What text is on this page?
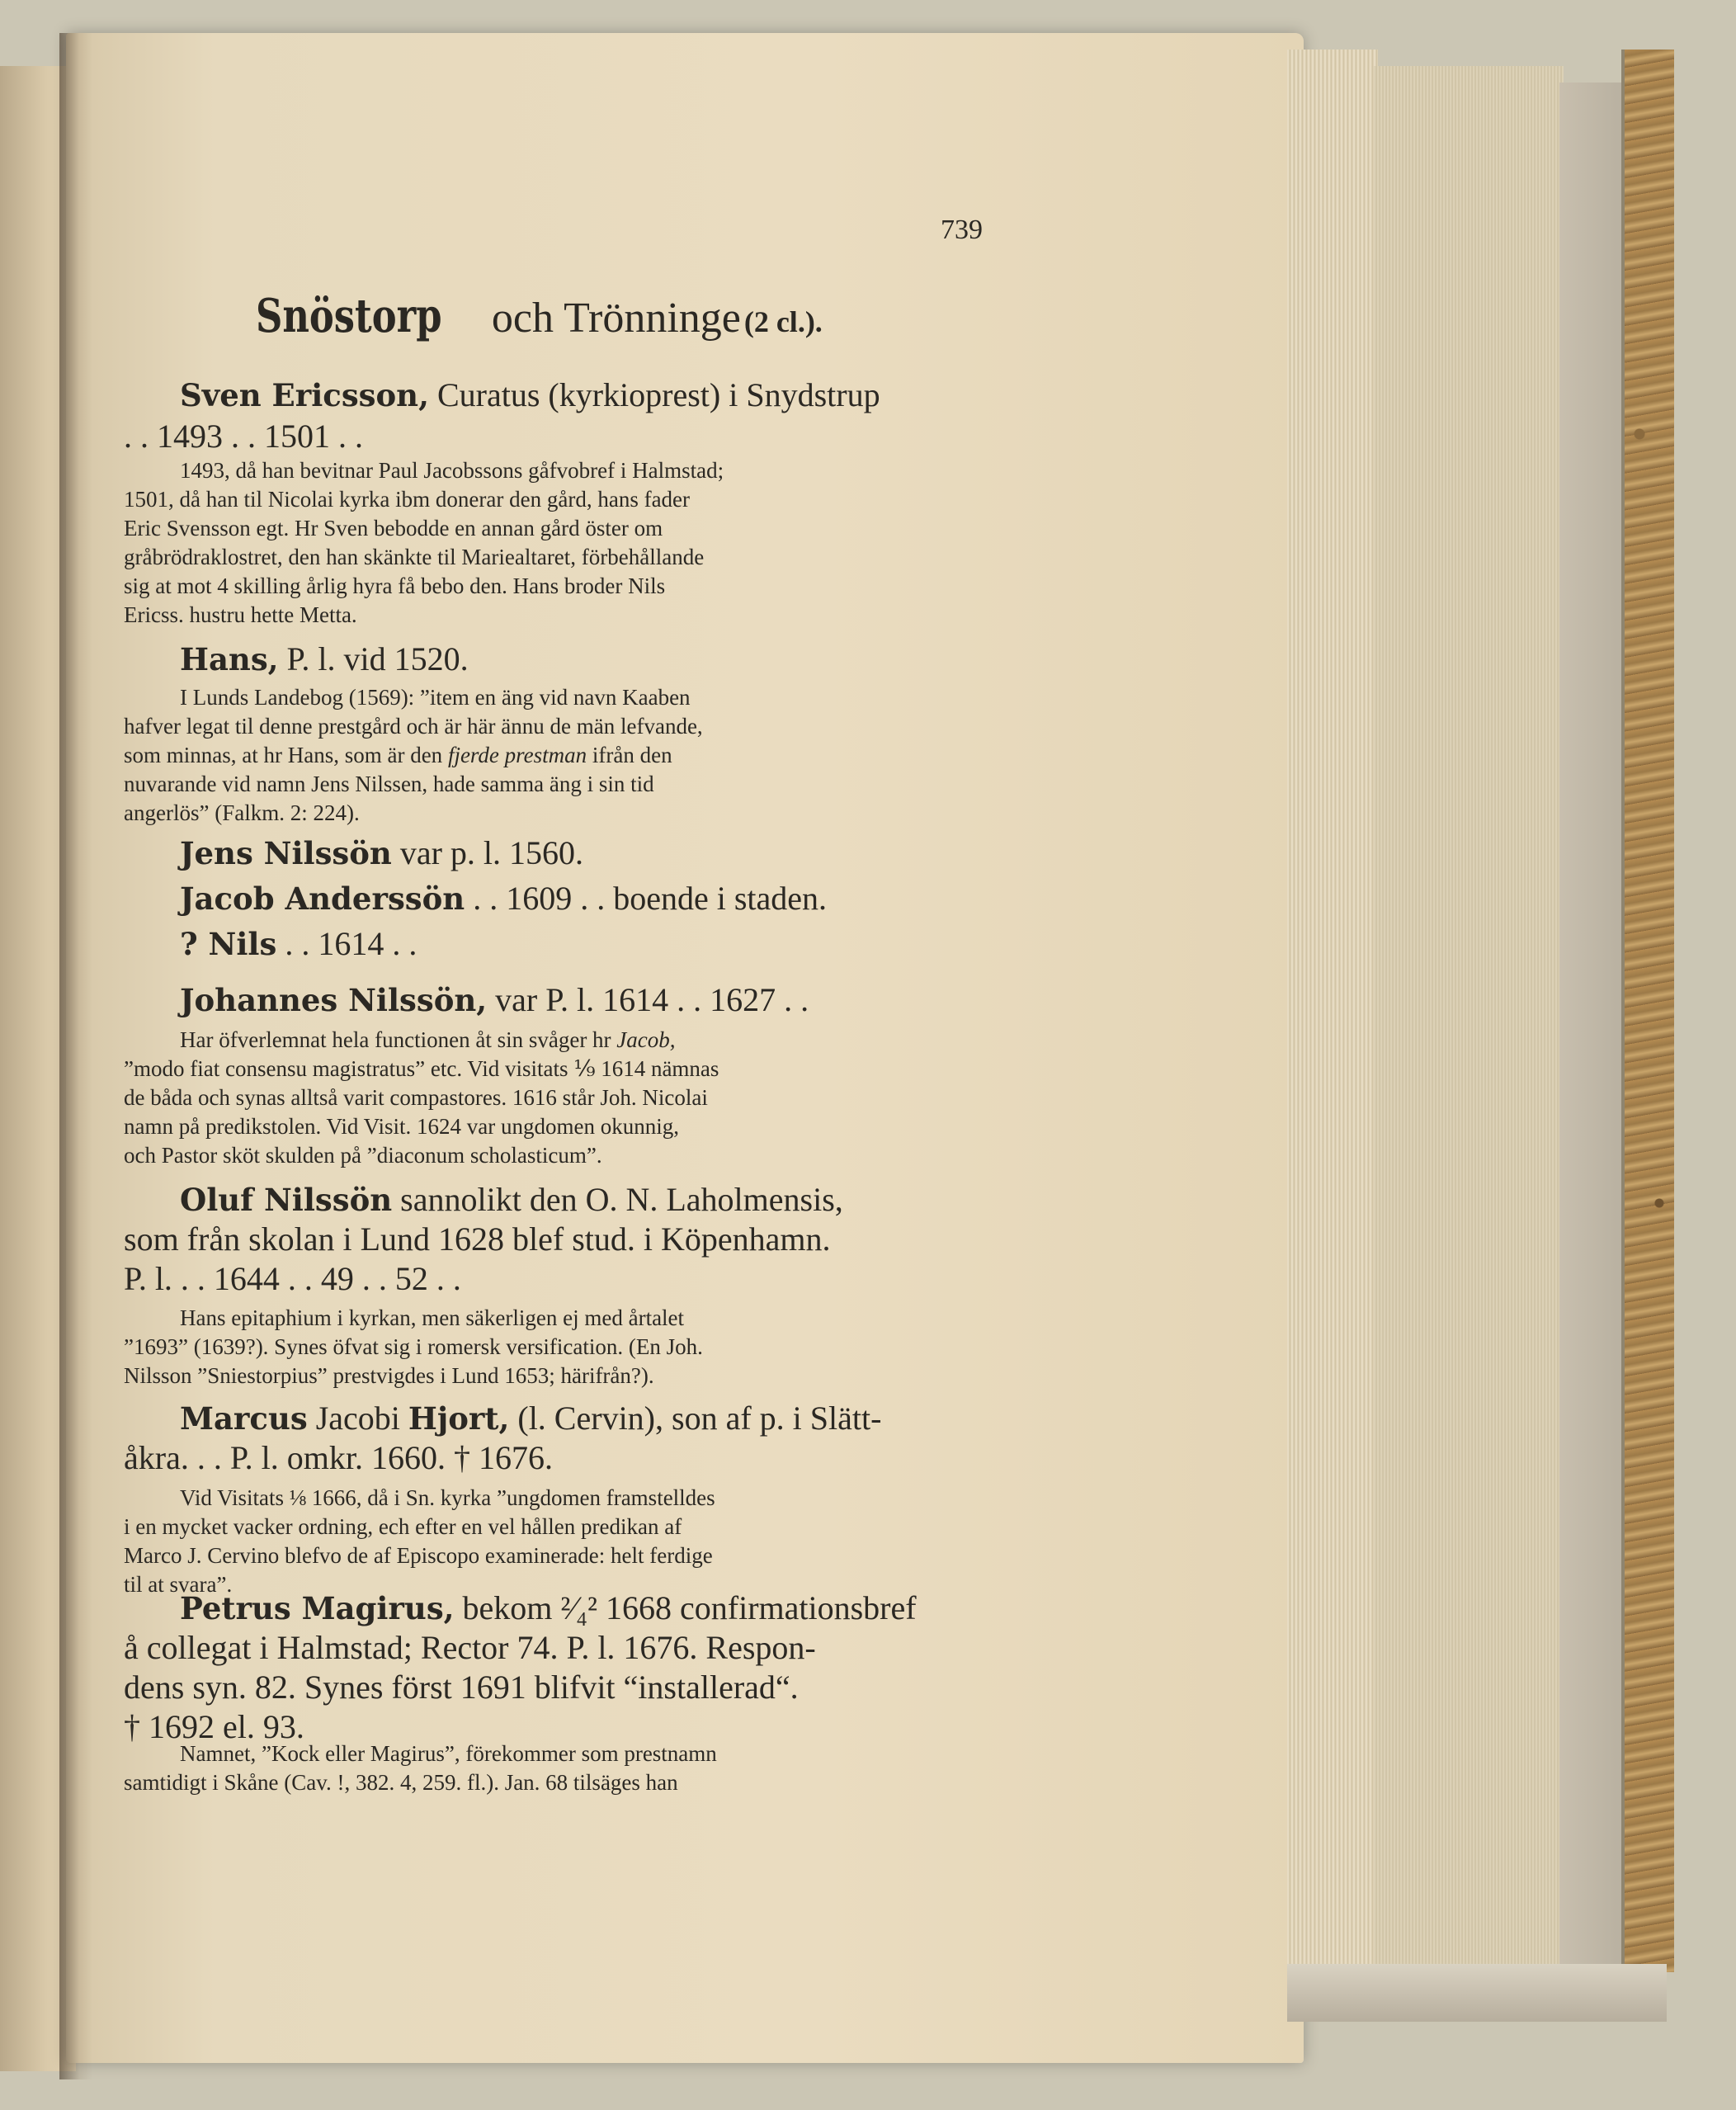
739
Snöstorp och Trönninge (2 cl.).
Sven Ericsson, Curatus (kyrkioprest) i Snydstrup
. . 1493 . . 1501 . .
1493, då han bevitnar Paul Jacobssons gåfvobref i Halmstad;
1501, då han til Nicolai kyrka ibm donerar den gård, hans fader
Eric Svensson egt. Hr Sven bebodde en annan gård öster om
gråbrödraklostret, den han skänkte til Mariealtaret, förbehållande
sig at mot 4 skilling årlig hyra få bebo den. Hans broder Nils
Ericss. hustru hette Metta.
Hans, P. l. vid 1520.
I Lunds Landebog (1569): ”item en äng vid navn Kaaben
hafver legat til denne prestgård och är här ännu de män lefvande,
som minnas, at hr Hans, som är den fjerde prestman ifrån den
nuvarande vid namn Jens Nilssen, hade samma äng i sin tid
angerlös” (Falkm. 2: 224).
Jens Nilssön var p. l. 1560.
Jacob Anderssön . . 1609 . . boende i staden.
? Nils . . 1614 . .
Johannes Nilssön, var P. l. 1614 . . 1627 . .
Har öfverlemnat hela functionen åt sin svåger hr Jacob,
”modo fiat consensu magistratus” etc. Vid visitats ⅑ 1614 nämnas
de båda och synas alltså varit compastores. 1616 står Joh. Nicolai
namn på predikstolen. Vid Visit. 1624 var ungdomen okunnig,
och Pastor sköt skulden på ”diaconum scholasticum”.
Oluf Nilssön sannolikt den O. N. Laholmensis,
som från skolan i Lund 1628 blef stud. i Köpenhamn.
P. l. . . 1644 . . 49 . . 52 . .
Hans epitaphium i kyrkan, men säkerligen ej med årtalet
”1693” (1639?). Synes öfvat sig i romersk versification. (En Joh.
Nilsson ”Sniestorpius” prestvigdes i Lund 1653; härifrån?).
Marcus Jacobi Hjort, (l. Cervin), son af p. i Slätt-
åkra. . . P. l. omkr. 1660. † 1676.
Vid Visitats ⅛ 1666, då i Sn. kyrka ”ungdomen framstelldes
i en mycket vacker ordning, ech efter en vel hållen predikan af
Marco J. Cervino blefvo de af Episcopo examinerade: helt ferdige
til at svara”.
Petrus Magirus, bekom ²⁄₄² 1668 confirmationsbref
å collegat i Halmstad; Rector 74. P. l. 1676. Respon-
dens syn. 82. Synes först 1691 blifvit “installerad“.
† 1692 el. 93.
Namnet, ”Kock eller Magirus”, förekommer som prestnamn
samtidigt i Skåne (Cav. !, 382. 4, 259. fl.). Jan. 68 tilsäges han
